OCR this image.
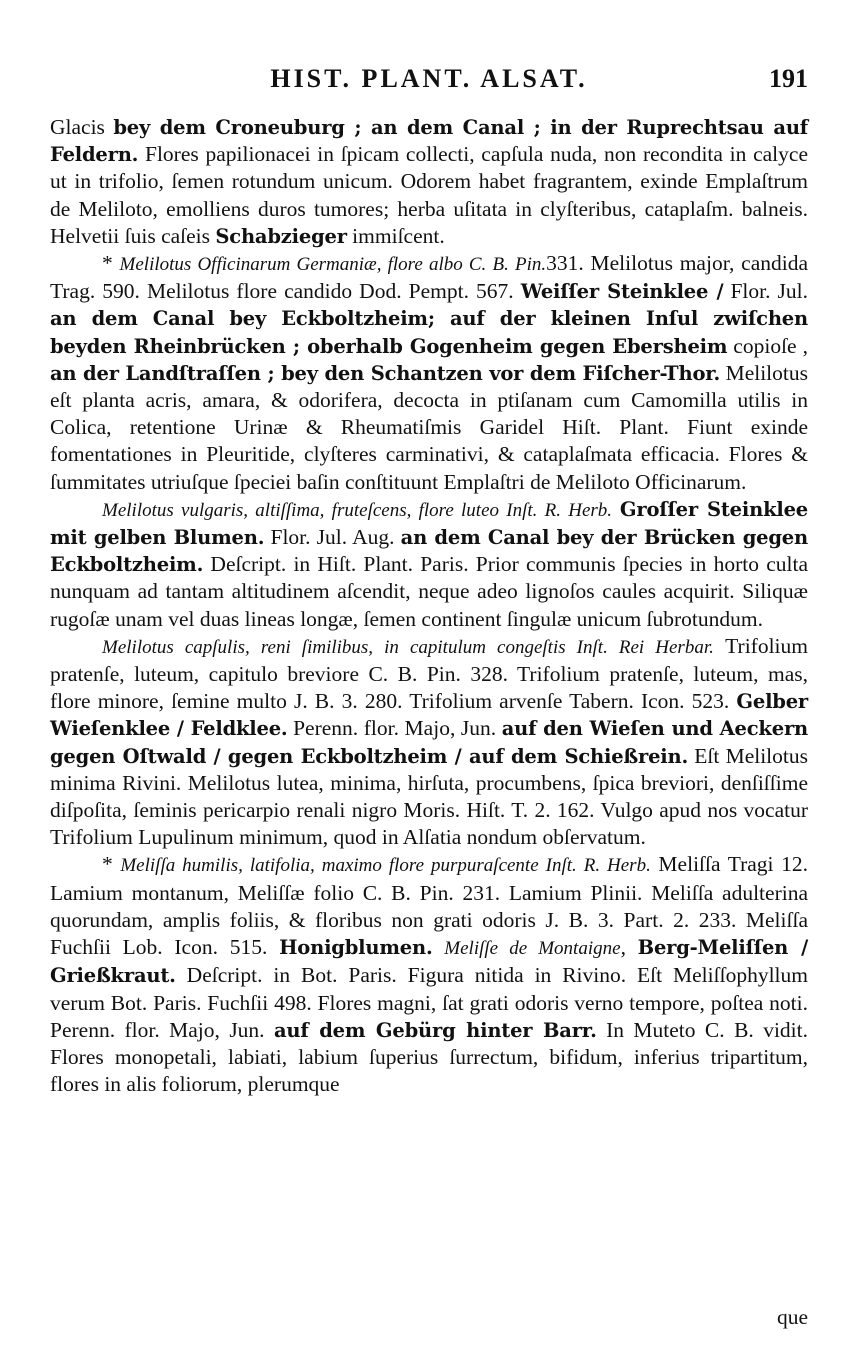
HIST. PLANT. ALSAT.	191

Glacis bey dem Croneuburg ; an dem Canal ; in der Ruprechtsau auf Feldern. Flores papilionacei in ſpicam collecti, capſula nuda, non recondita in calyce ut in trifolio, ſemen rotundum unicum. Odorem habet fragrantem, exinde Emplaſtrum de Meliloto, emolliens duros tumores; herba uſitata in clyſteribus, cataplaſm. balneis. Helvetii ſuis caſeis Schabzieger immiſcent.

* Melilotus Officinarum Germaniæ, flore albo C. B. Pin.331. Melilotus major, candida Trag. 590. Melilotus flore candido Dod. Pempt. 567. Weiſſer Steinklee / Flor. Jul. an dem Canal bey Eckboltzheim; auf der kleinen Inſul zwiſchen beyden Rheinbrücken ; oberhalb Gogenheim gegen Ebersheim copioſe , an der Landſtraſſen ; bey den Schantzen vor dem Fiſcher-Thor. Melilotus eſt planta acris, amara, & odorifera, decocta in ptiſanam cum Camomilla utilis in Colica, retentione Urinæ & Rheumatiſmis Garidel Hiſt. Plant. Fiunt exinde fomentationes in Pleuritide, clyſteres carminativi, & cataplaſmata efficacia. Flores & ſummitates utriuſque ſpeciei baſin conſtituunt Emplaſtri de Meliloto Officinarum.

Melilotus vulgaris, altiſſima, fruteſcens, flore luteo Inſt. R. Herb. Groſſer Steinklee mit gelben Blumen. Flor. Jul. Aug. an dem Canal bey der Brücken gegen Eckboltzheim. Deſcript. in Hiſt. Plant. Paris. Prior communis ſpecies in horto culta nunquam ad tantam altitudinem aſcendit, neque adeo lignoſos caules acquirit. Siliquæ rugoſæ unam vel duas lineas longæ, ſemen continent ſingulæ unicum ſubrotundum.

Melilotus capſulis, reni ſimilibus, in capitulum congeſtis Inſt. Rei Herbar. Trifolium pratenſe, luteum, capitulo breviore C. B. Pin. 328. Trifolium pratenſe, luteum, mas, flore minore, ſemine multo J. B. 3. 280. Trifolium arvenſe Tabern. Icon. 523. Gelber Wieſenklee / Feldklee. Perenn. flor. Majo, Jun. auf den Wieſen und Aeckern gegen Oſtwald / gegen Eckboltzheim / auf dem Schießrein. Eſt Melilotus minima Rivini. Melilotus lutea, minima, hirſuta, procumbens, ſpica breviori, denſiſſime diſpoſita, ſeminis pericarpio renali nigro Moris. Hiſt. T. 2. 162. Vulgo apud nos vocatur Trifolium Lupulinum minimum, quod in Alſatia nondum obſervatum.

* Meliſſa humilis, latifolia, maximo flore purpuraſcente Inſt. R. Herb. Meliſſa Tragi 12. Lamium montanum, Meliſſæ folio C. B. Pin. 231. Lamium Plinii. Meliſſa adulterina quorundam, amplis foliis, & floribus non grati odoris J. B. 3. Part. 2. 233. Meliſſa Fuchſii Lob. Icon. 515. Honigblumen. Meliſſe de Montaigne, Berg-Meliſſen / Grießkraut. Deſcript. in Bot. Paris. Figura nitida in Rivino. Eſt Meliſſophyllum verum Bot. Paris. Fuchſii 498. Flores magni, ſat grati odoris verno tempore, poſtea noti. Perenn. flor. Majo, Jun. auf dem Gebürg hinter Barr. In Muteto C. B. vidit. Flores monopetali, labiati, labium ſuperius ſurrectum, bifidum, inferius tripartitum, flores in alis foliorum, plerumque

que
